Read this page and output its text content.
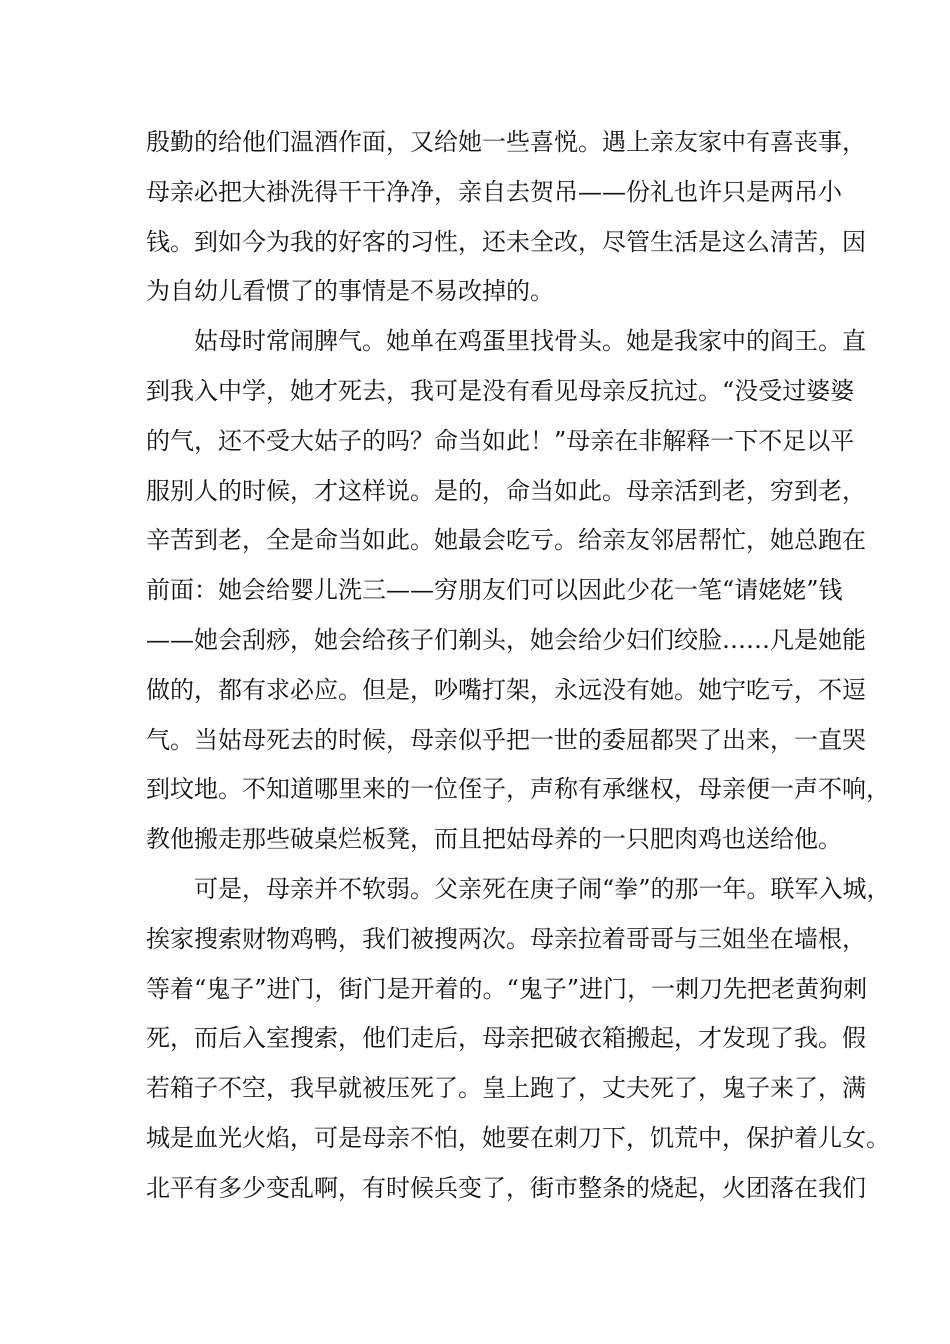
殷勤的给他们温酒作面，又给她一些喜悦。遇上亲友家中有喜丧事，
母亲必把大褂洗得干干净净，亲自去贺吊——份礼也许只是两吊小
钱。到如今为我的好客的习性，还未全改，尽管生活是这么清苦，因
为自幼儿看惯了的事情是不易改掉的。
姑母时常闹脾气。她单在鸡蛋里找骨头。她是我家中的阎王。直
到我入中学，她才死去，我可是没有看见母亲反抗过。“没受过婆婆
的气，还不受大姑子的吗？命当如此！”母亲在非解释一下不足以平
服别人的时候，才这样说。是的，命当如此。母亲活到老，穷到老，
辛苦到老，全是命当如此。她最会吃亏。给亲友邻居帮忙，她总跑在
前面：她会给婴儿洗三——穷朋友们可以因此少花一笔“请姥姥”钱
——她会刮痧，她会给孩子们剃头，她会给少妇们绞脸……凡是她能
做的，都有求必应。但是，吵嘴打架，永远没有她。她宁吃亏，不逗
气。当姑母死去的时候，母亲似乎把一世的委屈都哭了出来，一直哭
到坟地。不知道哪里来的一位侄子，声称有承继权，母亲便一声不响，
教他搬走那些破桌烂板凳，而且把姑母养的一只肥肉鸡也送给他。
可是，母亲并不软弱。父亲死在庚子闹“拳”的那一年。联军入城，
挨家搜索财物鸡鸭，我们被搜两次。母亲拉着哥哥与三姐坐在墙根，
等着“鬼子”进门，街门是开着的。“鬼子”进门，一刺刀先把老黄狗刺
死，而后入室搜索，他们走后，母亲把破衣箱搬起，才发现了我。假
若箱子不空，我早就被压死了。皇上跑了，丈夫死了，鬼子来了，满
城是血光火焰，可是母亲不怕，她要在刺刀下，饥荒中，保护着儿女。
北平有多少变乱啊，有时候兵变了，街市整条的烧起，火团落在我们
